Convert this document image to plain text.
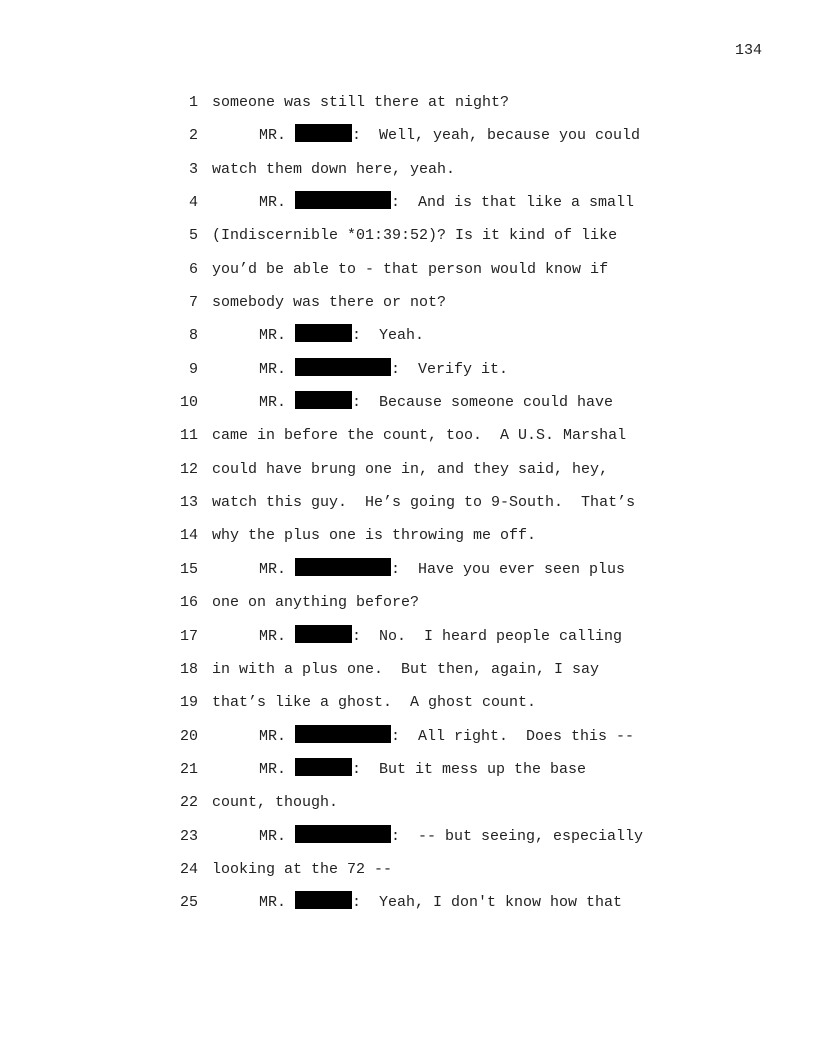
134
1 someone was still there at night?
2	MR.	:  Well, yeah, because you could
3 watch them down here, yeah.
4	MR.	:  And is that like a small
5 (Indiscernible *01:39:52)? Is it kind of like
6 you’d be able to - that person would know if
7 somebody was there or not?
8	MR.	:  Yeah.
9	MR.	:  Verify it.
10	MR.	:  Because someone could have
11 came in before the count, too.  A U.S. Marshal
12 could have brung one in, and they said, hey,
13 watch this guy.  He’s going to 9-South.  That’s
14 why the plus one is throwing me off.
15	MR.	:  Have you ever seen plus
16 one on anything before?
17	MR.	:  No.  I heard people calling
18 in with a plus one.  But then, again, I say
19 that’s like a ghost.  A ghost count.
20	MR.	:  All right.  Does this --
21	MR.	:  But it mess up the base
22 count, though.
23	MR.	:  -- but seeing, especially
24 looking at the 72 --
25	MR.	:  Yeah, I don't know how that
